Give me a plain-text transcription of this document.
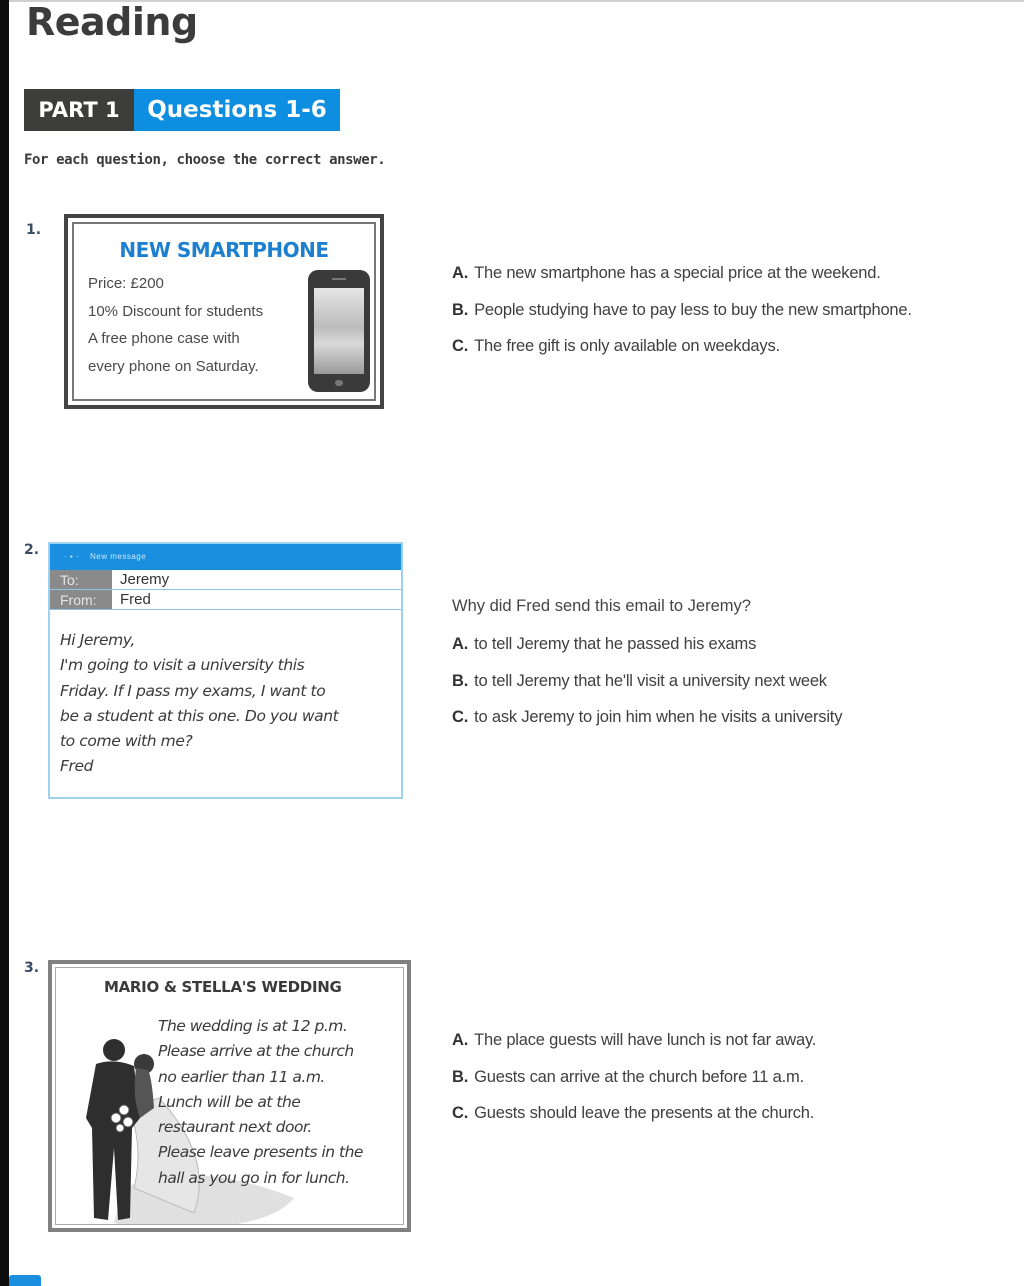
Reading
PART 1	Questions 1-6
For each question, choose the correct answer.
1.
NEW SMARTPHONE
Price: £200
10% Discount for students
A free phone case with
every phone on Saturday.
A. The new smartphone has a special price at the weekend.
B. People studying have to pay less to buy the new smartphone.
C. The free gift is only available on weekdays.
2.	· ▪ ·    New message
To:	Jeremy
From:	Fred
Hi Jeremy,
I'm going to visit a university this
Friday. If I pass my exams, I want to
be a student at this one. Do you want
to come with me?
Fred
Why did Fred send this email to Jeremy?
A. to tell Jeremy that he passed his exams
B. to tell Jeremy that he'll visit a university next week
C. to ask Jeremy to join him when he visits a university
3.
MARIO & STELLA'S WEDDING
The wedding is at 12 p.m.
Please arrive at the church
no earlier than 11 a.m.
Lunch will be at the
restaurant next door.
Please leave presents in the
hall as you go in for lunch.
A. The place guests will have lunch is not far away.
B. Guests can arrive at the church before 11 a.m.
C. Guests should leave the presents at the church.
